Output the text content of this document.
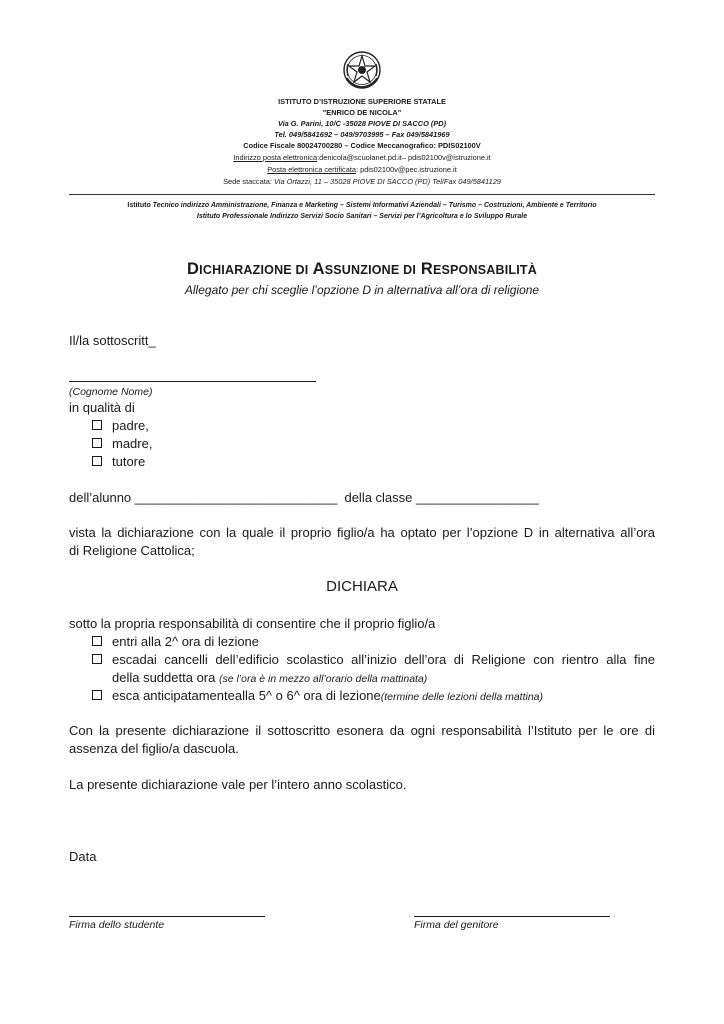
ISTITUTO D’ISTRUZIONE SUPERIORE STATALE
"ENRICO DE NICOLA"
Via G. Parini, 10/C -35028 PIOVE DI SACCO (PD)
Tel. 049/5841692 – 049/9703995 – Fax 049/5841969
Codice Fiscale 80024700280 – Codice Meccanografico: PDIS02100V
Indirizzo posta elettronica:denicola@scuolanet.pd.it– pdis02100v@istruzione.it
Posta elettronica certificata: pdis02100v@pec.istruzione.it
Sede staccata: Via Ortazzi, 11 – 35028 PIOVE DI SACCO (PD) Tel/Fax 049/5841129
Istituto Tecnico indirizzo Amministrazione, Finanza e Marketing – Sistemi Informativi Aziendali – Turismo – Costruzioni, Ambiente e Territorio
Istituto Professionale Indirizzo Servizi Socio Sanitari – Servizi per l’Agricoltura e lo Sviluppo Rurale
DICHIARAZIONE DI ASSUNZIONE DI RESPONSABILITÀ
Allegato per chi sceglie l’opzione D in alternativa all’ora di religione
Il/la sottoscritt_
(Cognome Nome)
in qualità di
padre,
madre,
tutore
dell’alunno ____________________________ della classe _________________
vista la dichiarazione con la quale il proprio figlio/a ha optato per l’opzione D in alternativa all’ora
di Religione Cattolica;
DICHIARA
sotto la propria responsabilità di consentire che il proprio figlio/a
entri alla 2^ ora di lezione
escadai cancelli dell’edificio scolastico all’inizio dell’ora di Religione con rientro alla fine
della suddetta ora (se l’ora è in mezzo all’orario della mattinata)
esca anticipatamentealla 5^ o 6^ ora di lezione(termine delle lezioni della mattina)
Con la presente dichiarazione il sottoscritto esonera da ogni responsabilità l’Istituto per le ore di
assenza del figlio/a dascuola.
La presente dichiarazione vale per l’intero anno scolastico.
Data
Firma dello studente	Firma del genitore
